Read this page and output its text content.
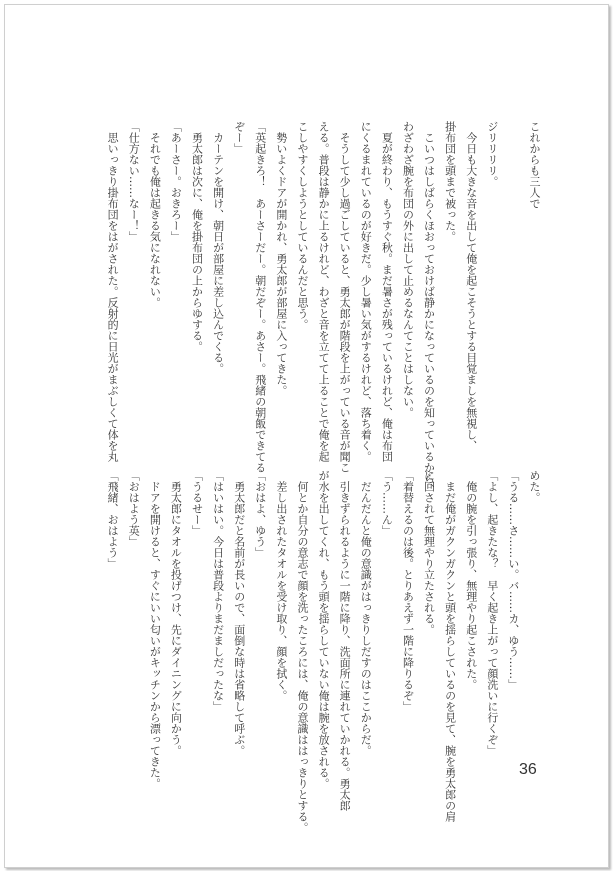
これからも三人で

ジリリリリ。
　今日も大きな音を出して俺を起こそうとする目覚ましを無視し、
掛布団を頭まで被った。
　こいつはしばらくほおっておけば静かになっているのを知っているから、
わざわざ腕を布団の外に出して止めるなんてことはしない。
　夏が終わり、もうすぐ秋。まだ暑さが残っているけれど、俺は布団
にくるまれているのが好きだ。少し暑い気がするけれど、落ち着く。
　そうして少し過ごしていると、勇太郎が階段を上がっている音が聞こ
える。普段は静かに上るけれど、わざと音を立てて上ることで俺を起
こしやすくしようとしているんだと思う。
　勢いよくドアが開かれ、勇太郎が部屋に入ってきた。
「英起きろ！　あーさーだー。朝だぞー。あさー。飛緒の朝飯できてる
ぞー」
　カーテンを開け、朝日が部屋に差し込んでくる。
　勇太郎は次に、俺を掛布団の上からゆする。
「あーさー。おきろー」
　それでも俺は起きる気になれない。
「仕方ない……なー！」
　思いっきり掛布団をはがされた。反射的に日光がまぶしくて体を丸
めた。
「うる……さ……い。バ……カ、ゆう……」
「よし、起きたな？　早く起き上がって顔洗いに行くぞ」
　俺の腕を引っ張り、無理やり起こされた。
　まだ俺がガクンガクンと頭を揺らしているのを見て、腕を勇太郎の肩
に回されて無理やり立たされる。
「着替えるのは後。とりあえず一階に降りるぞ」
「う……ん」
　だんだんと俺の意識がはっきりしだすのはここからだ。
　引きずられるように一階に降り、洗面所に連れていかれる。勇太郎
が水を出してくれ、もう頭を揺らしていない俺は腕を放される。
　何とか自分の意志で顔を洗ったころには、俺の意識ははっきりとする。
　差し出されたタオルを受け取り、顔を拭く。
「おはよ、ゆう」
　勇太郎だと名前が長いので、面倒な時は省略して呼ぶ。
「はいはい。今日は普段よりまだましだったな」
「うるせー」
　勇太郎にタオルを投げつけ、先にダイニングに向かう。
　ドアを開けると、すぐにいい匂いがキッチンから漂ってきた。
「おはよう英」
「飛緒、おはよう」
36
